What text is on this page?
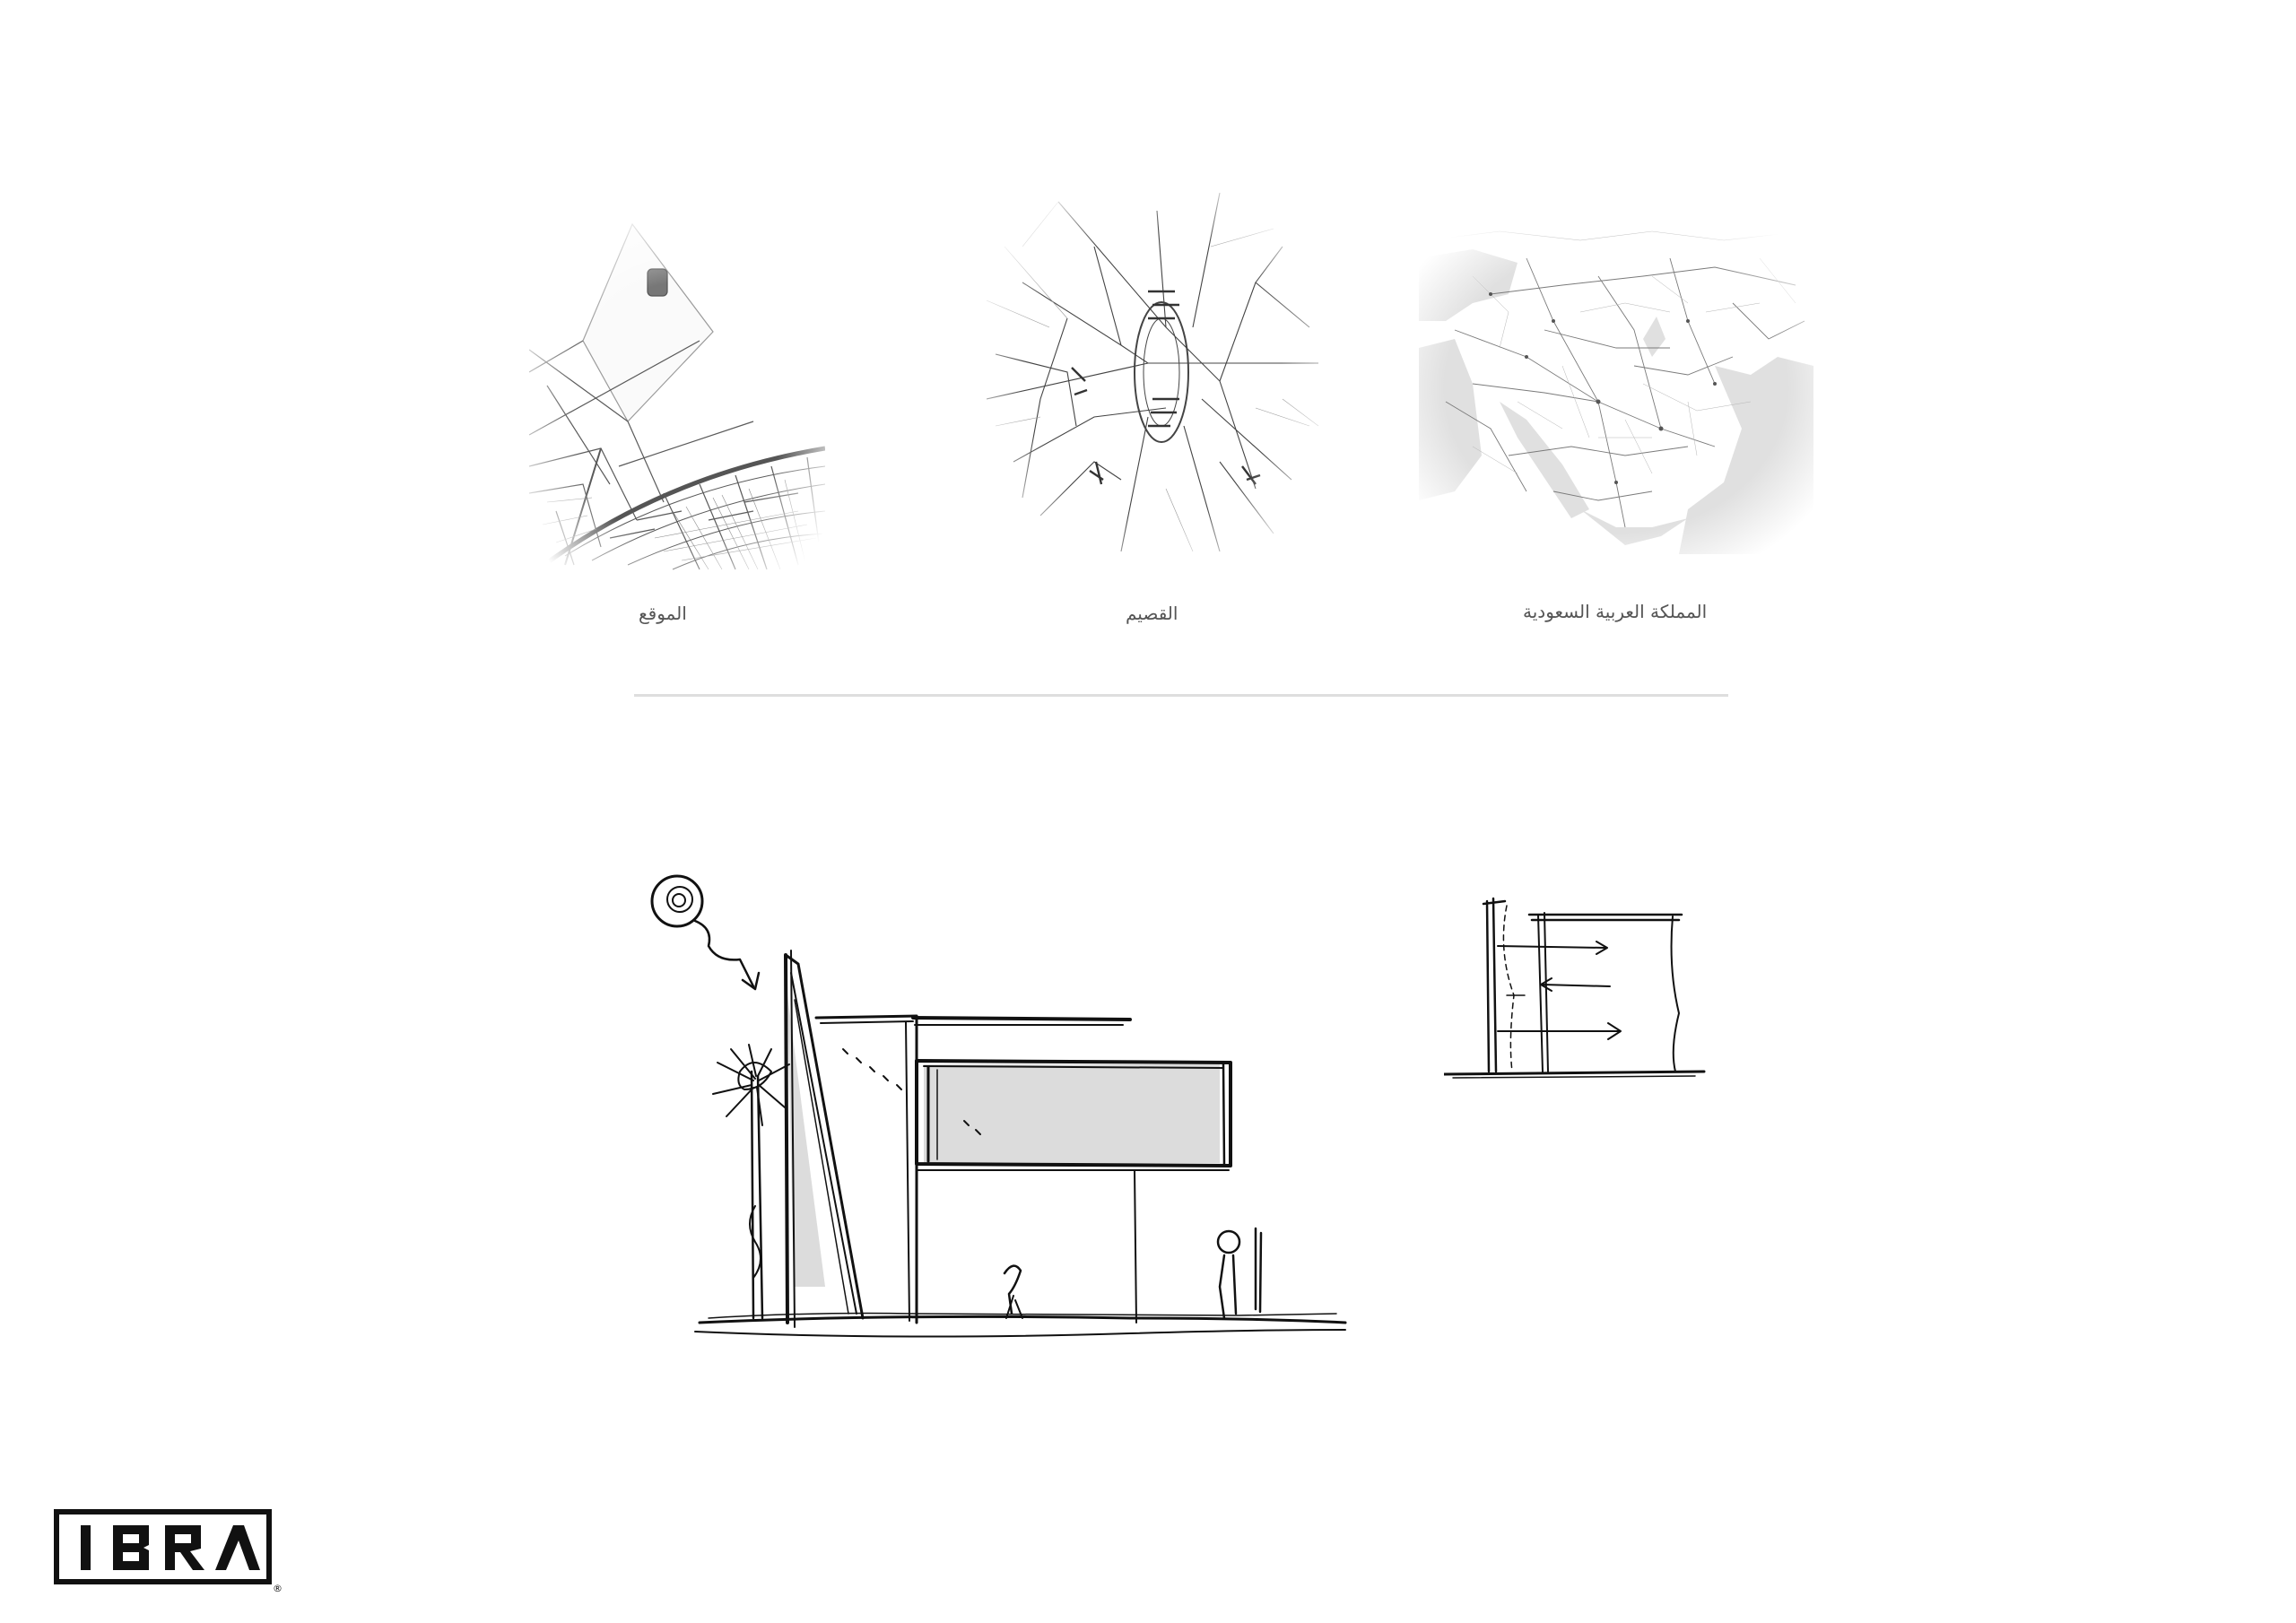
الموقع	القصيم	المملكة العربية السعودية
®
